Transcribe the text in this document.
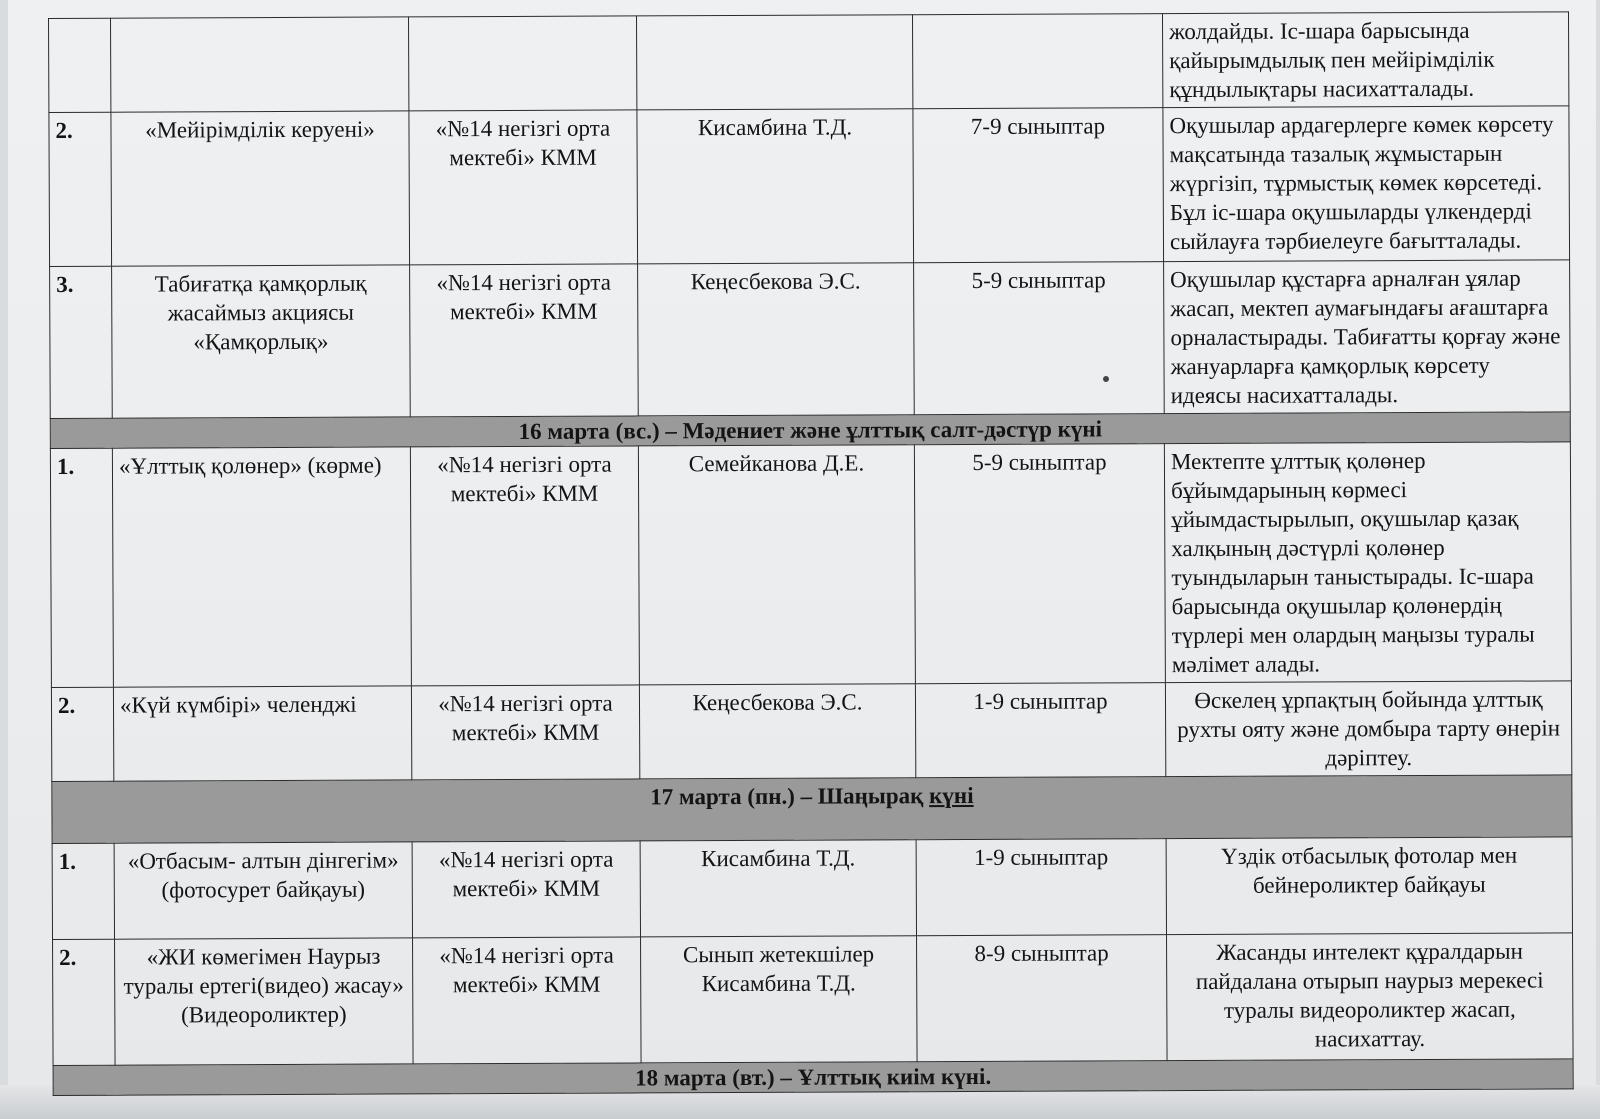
					жолдайды. Іс-шара барысында қайырымдылық пен мейірімділік құндылықтары насихатталады.
2.	«Мейірімділік керуені»	«№14 негізгі орта мектебі» КММ	Кисамбина Т.Д.	7-9 сыныптар	Оқушылар ардагерлерге көмек көрсету мақсатында тазалық жұмыстарын жүргізіп, тұрмыстық көмек көрсетеді. Бұл іс-шара оқушыларды үлкендерді сыйлауға тәрбиелеуге бағытталады.
3.	Табиғатқа қамқорлық жасаймыз акциясы «Қамқорлық»	«№14 негізгі орта мектебі» КММ	Кеңесбекова Э.С.	5-9 сыныптар	Оқушылар құстарға арналған ұялар жасап, мектеп аумағындағы ағаштарға орналастырады. Табиғатты қорғау және жануарларға қамқорлық көрсету идеясы насихатталады.
16 марта (вс.) – Мәдениет және ұлттық салт-дәстүр күні					
1.	«Ұлттық қолөнер» (көрме)	«№14 негізгі орта мектебі» КММ	Семейканова Д.Е.	5-9 сыныптар	Мектепте ұлттық қолөнер бұйымдарының көрмесі ұйымдастырылып, оқушылар қазақ халқының дәстүрлі қолөнер туындыларын таныстырады. Іс-шара барысында оқушылар қолөнердің түрлері мен олардың маңызы туралы мәлімет алады.
2.	«Күй күмбірі» челенджі	«№14 негізгі орта мектебі» КММ	Кеңесбекова Э.С.	1-9 сыныптар	Өскелең ұрпақтың бойында ұлттық рухты ояту және домбыра тарту өнерін дәріптеу.
17 марта (пн.) – Шаңырақ күні					
1.	«Отбасым- алтын дінгегім» (фотосурет байқауы)	«№14 негізгі орта мектебі» КММ	Кисамбина Т.Д.	1-9 сыныптар	Үздік отбасылық фотолар мен бейнероликтер байқауы
2.	«ЖИ көмегімен Наурыз туралы ертегі(видео) жасау» (Видеороликтер)	«№14 негізгі орта мектебі» КММ	Сынып жетекшілер Кисамбина Т.Д.	8-9 сыныптар	Жасанды интелект құралдарын пайдалана отырып наурыз мерекесі туралы видеороликтер жасап, насихаттау.
18 марта (вт.) – Ұлттық киім күні.					
